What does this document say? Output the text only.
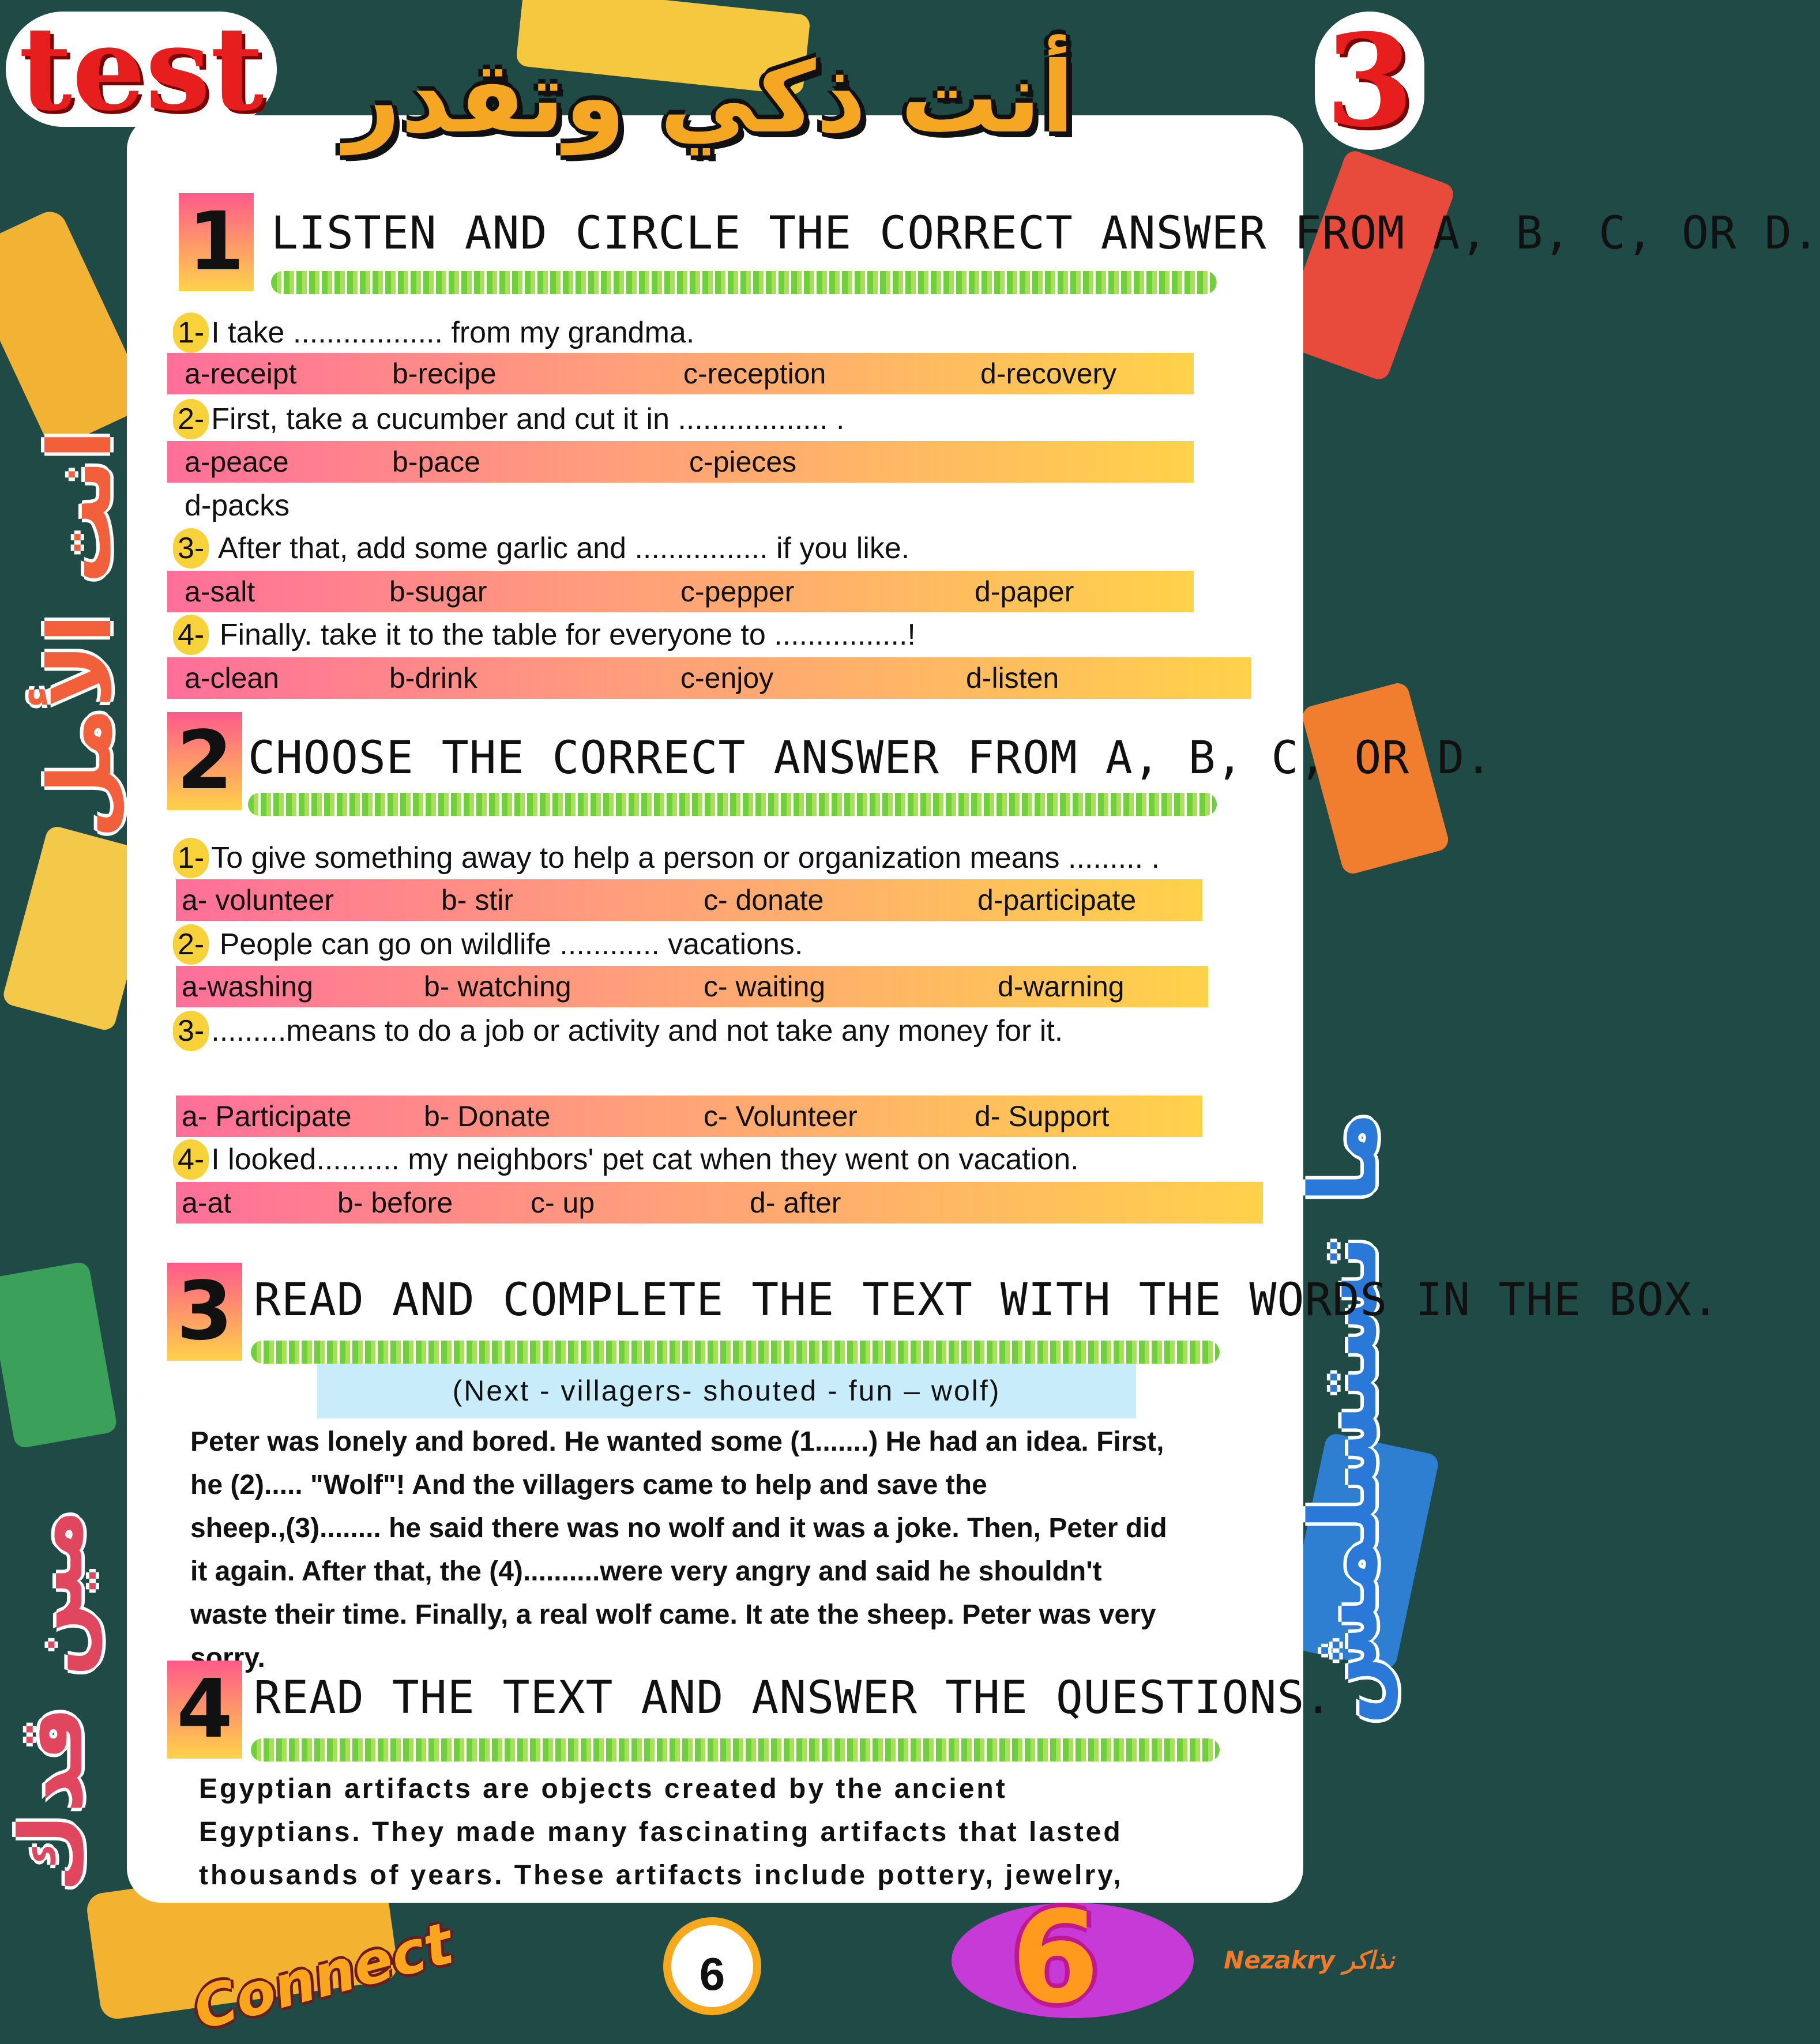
test أنت ذكي وتقدر	3
انت الأمل
مين قدك	ما تستسلمش
1 LISTEN AND CIRCLE THE CORRECT ANSWER FROM A, B, C, OR D.
1- I take .................. from my grandma.
a-receipt	b-recipe	c-reception	d-recovery
2- First, take a cucumber and cut it in .................. .
a-peace	b-pace	c-pieces
d-packs
3- After that, add some garlic and ................ if you like.
a-salt	b-sugar	c-pepper	d-paper
4- Finally. take it to the table for everyone to ................!
a-clean	b-drink	c-enjoy	d-listen
2 CHOOSE THE CORRECT ANSWER FROM A, B, C, OR D.
1- To give something away to help a person or organization means ......... .
a- volunteer	b- stir	c- donate	d-participate
2- People can go on wildlife ............ vacations.
a-washing	b- watching	c- waiting	d-warning
3- .........means to do a job or activity and not take any money for it.
a- Participate	b- Donate	c- Volunteer	d- Support
4- I looked.......... my neighbors' pet cat when they went on vacation.
a-at	b- before	c- up	d- after
3 READ AND COMPLETE THE TEXT WITH THE WORDS IN THE BOX.
(Next - villagers- shouted - fun – wolf)
Peter was lonely and bored. He wanted some (1.......) He had an idea. First,
he (2)..... "Wolf"! And the villagers came to help and save the
sheep.,(3)........ he said there was no wolf and it was a joke. Then, Peter did
it again. After that, the (4)..........were very angry and said he shouldn't
waste their time. Finally, a real wolf came. It ate the sheep. Peter was very
4 READ THE TEXT AND ANSWER THE QUESTIONS.
Egyptian artifacts are objects created by the ancient
Egyptians. They made many fascinating artifacts that lasted
thousands of years. These artifacts include pottery, jewelry,
Connect	6 6	Nezakry نذاكر
